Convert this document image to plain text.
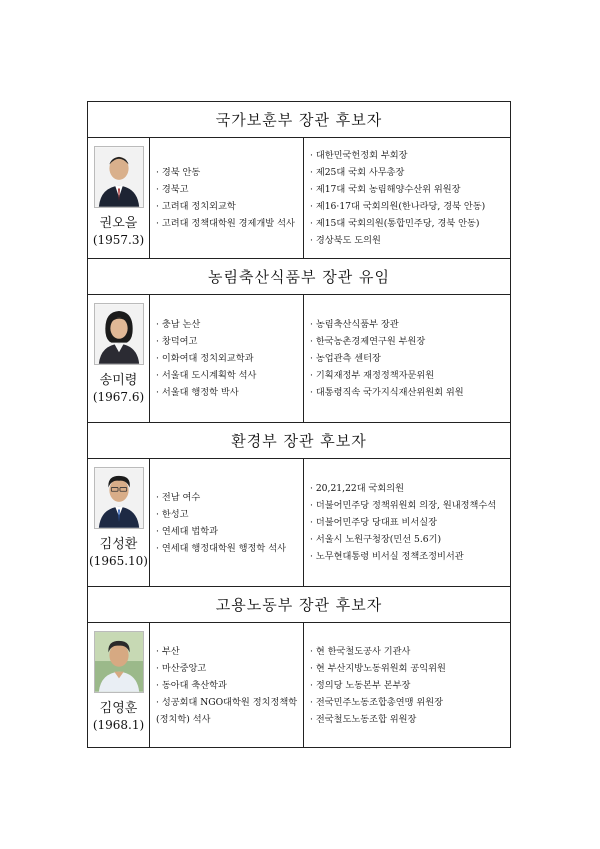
국가보훈부 장관 후보자
권오을
(1957.3)
· 경북 안동
· 경북고
· 고려대 정치외교학
· 고려대 정책대학원 경제개발 석사
· 대한민국헌정회 부회장
· 제25대 국회 사무총장
· 제17대 국회 농림해양수산위 위원장
· 제16·17대 국회의원(한나라당, 경북 안동)
· 제15대 국회의원(통합민주당, 경북 안동)
· 경상북도 도의원
농림축산식품부 장관 유임
송미령
(1967.6)
· 충남 논산
· 창덕여고
· 이화여대 정치외교학과
· 서울대 도시계획학 석사
· 서울대 행정학 박사
· 농림축산식품부 장관
· 한국농촌경제연구원 부원장
· 농업관측 센터장
· 기획재정부 재정정책자문위원
· 대통령직속 국가지식재산위원회 위원
환경부 장관 후보자
김성환
(1965.10)
· 전남 여수
· 한성고
· 연세대 법학과
· 연세대 행정대학원 행정학 석사
· 20,21,22대 국회의원
· 더불어민주당 정책위원회 의장, 원내정책수석
· 더불어민주당 당대표 비서실장
· 서울시 노원구청장(민선 5.6기)
· 노무현대통령 비서실 정책조정비서관
고용노동부 장관 후보자
김영훈
(1968.1)
· 부산
· 마산중앙고
· 동아대 축산학과
· 성공회대 NGO대학원 정치정책학 (정치학) 석사
· 현 한국철도공사 기관사
· 현 부산지방노동위원회 공익위원
· 정의당 노동본부 본부장
· 전국민주노동조합총연맹 위원장
· 전국철도노동조합 위원장
